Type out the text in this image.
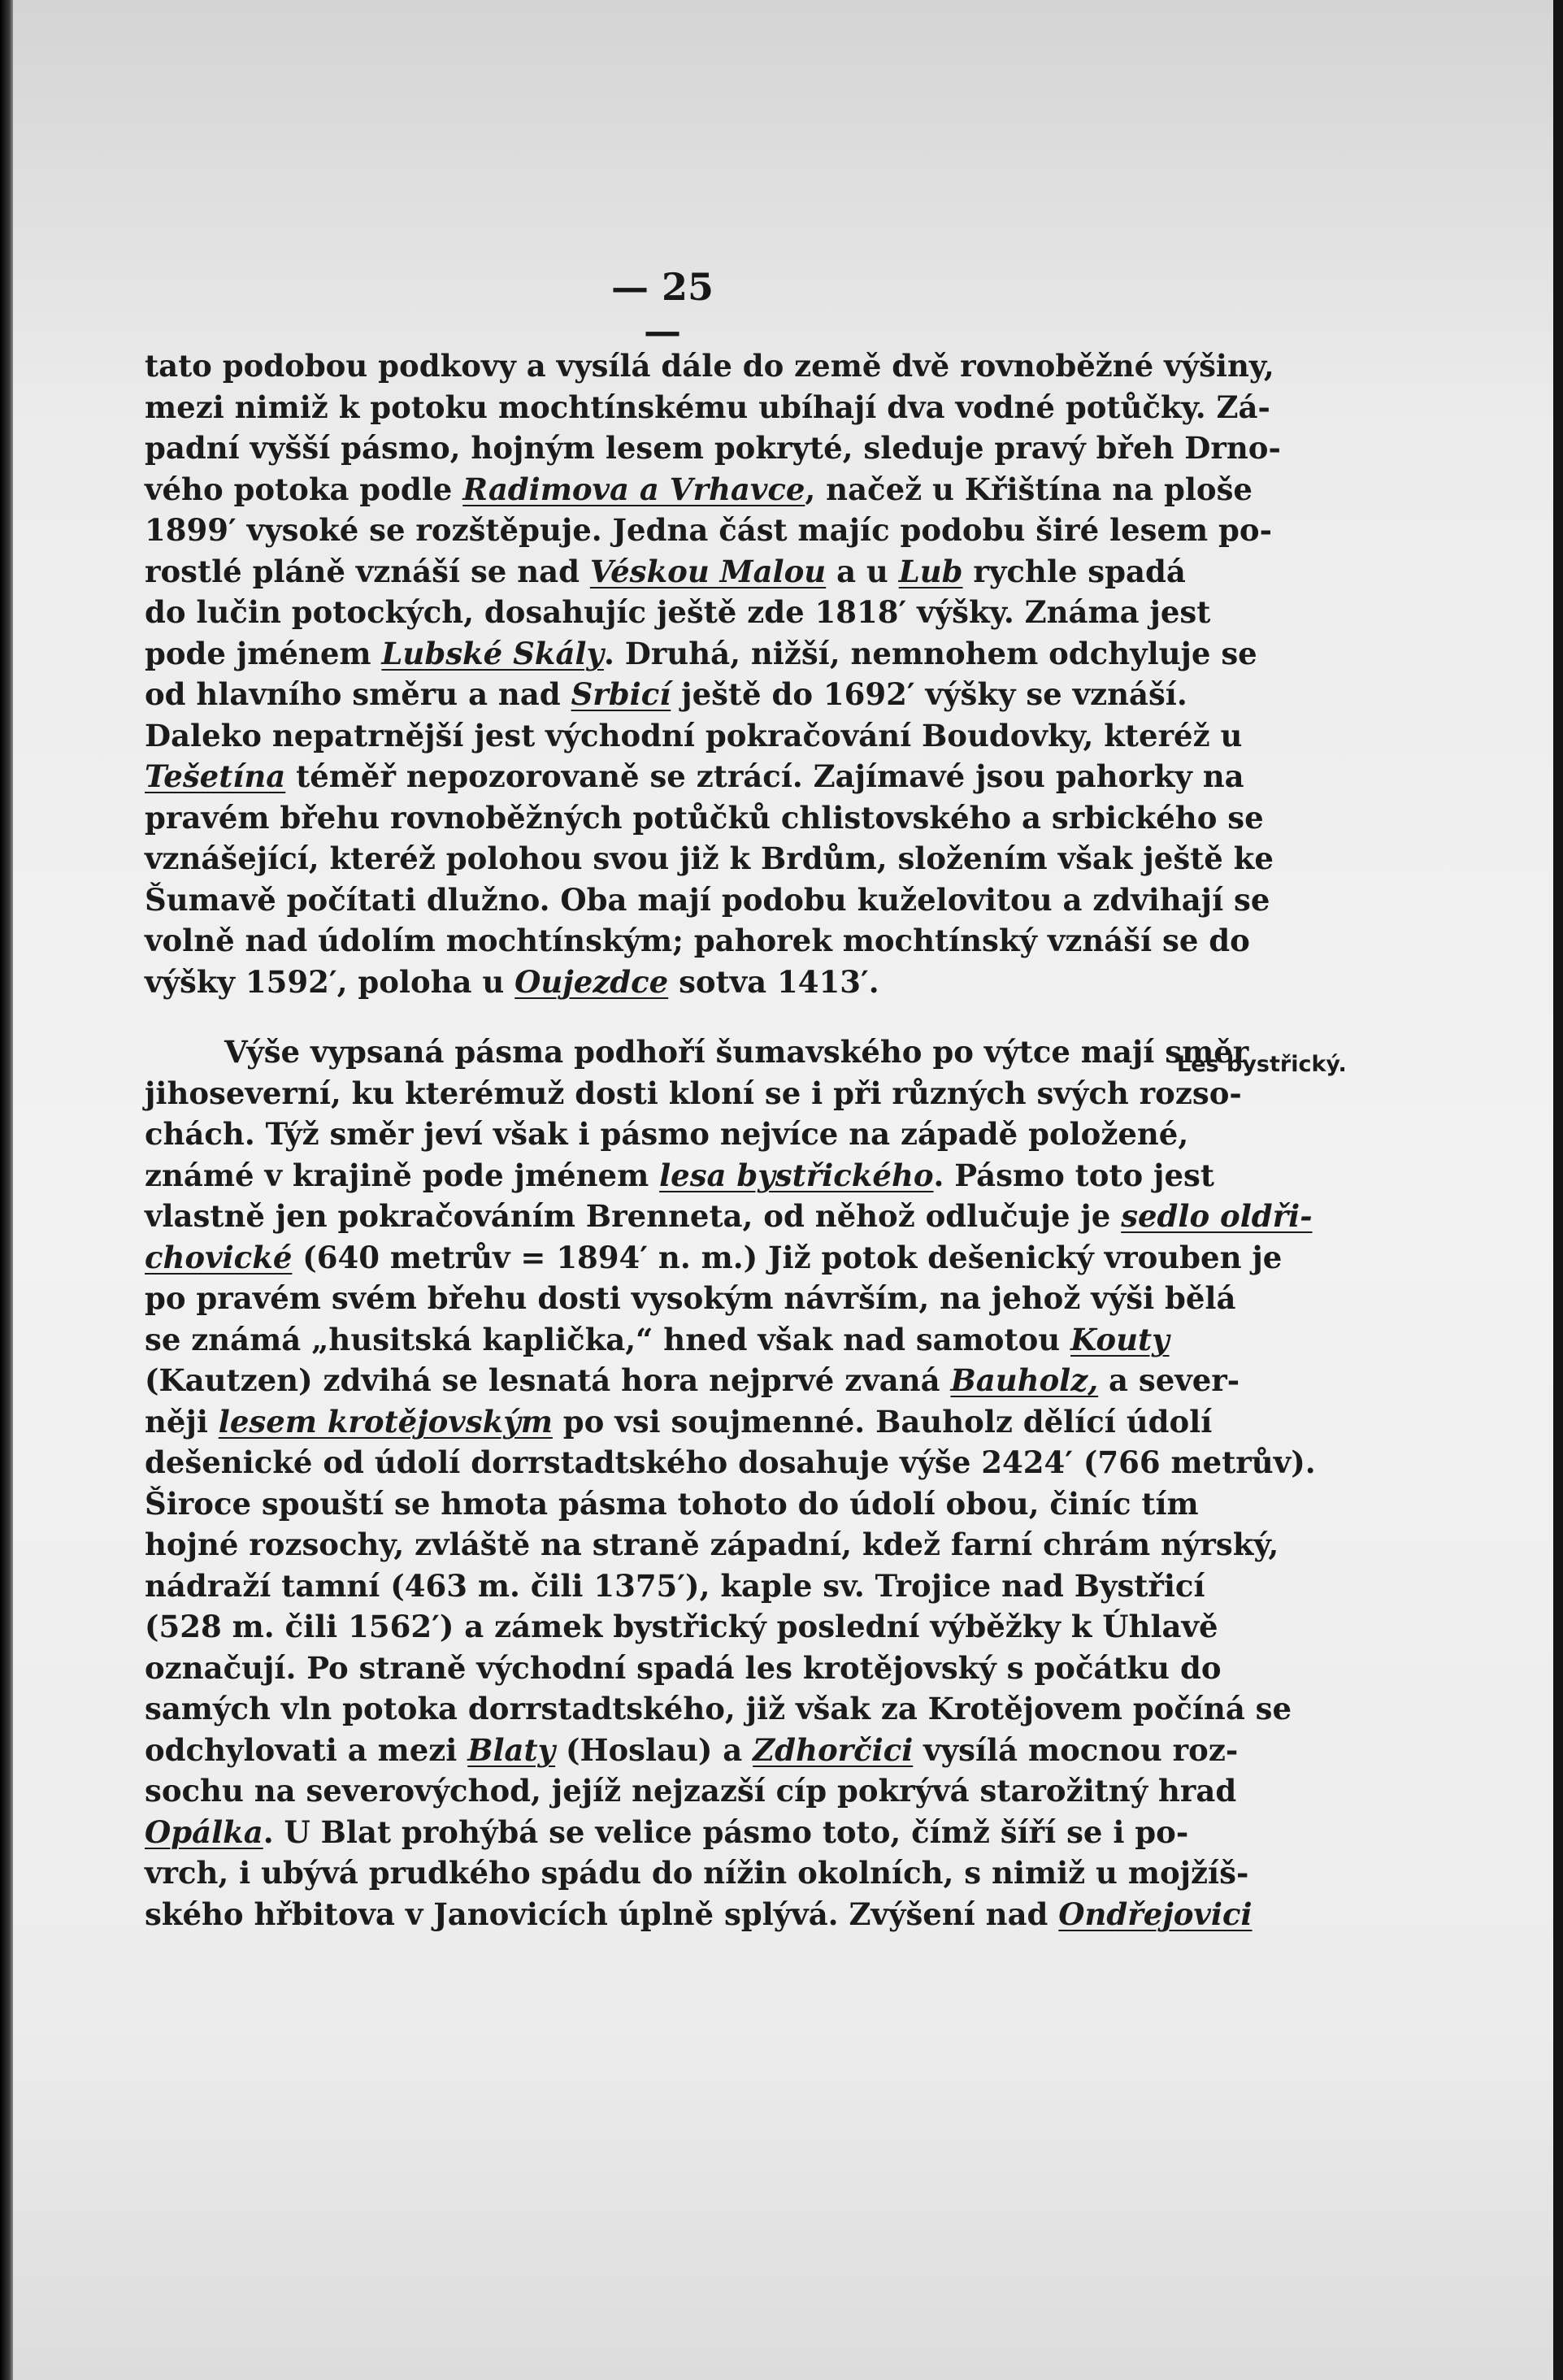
— 25 —
tato podobou podkovy a vysílá dále do země dvě rovnoběžné výšiny,
mezi nimiž k potoku mochtínskému ubíhají dva vodné potůčky. Zá-
padní vyšší pásmo, hojným lesem pokryté, sleduje pravý břeh Drno-
vého potoka podle Radimova a Vrhavce, načež u Křištína na ploše
1899′ vysoké se rozštěpuje. Jedna část majíc podobu širé lesem po-
rostlé pláně vznáší se nad Véskou Malou a u Lub rychle spadá
do lučin potockých, dosahujíc ještě zde 1818′ výšky. Známa jest
pode jménem Lubské Skály. Druhá, nižší, nemnohem odchyluje se
od hlavního směru a nad Srbicí ještě do 1692′ výšky se vznáší.
Daleko nepatrnější jest východní pokračování Boudovky, kteréž u
Tešetína téměř nepozorovaně se ztrácí. Zajímavé jsou pahorky na
pravém břehu rovnoběžných potůčků chlistovského a srbického se
vznášející, kteréž polohou svou již k Brdům, složením však ještě ke
Šumavě počítati dlužno. Oba mají podobu kuželovitou a zdvihají se
volně nad údolím mochtínským; pahorek mochtínský vznáší se do
výšky 1592′, poloha u Oujezdce sotva 1413′.
Výše vypsaná pásma podhoří šumavského po výtce mají směr
jihoseverní, ku kterémuž dosti kloní se i při různých svých rozso-
chách. Týž směr jeví však i pásmo nejvíce na západě položené,
známé v krajině pode jménem lesa bystřického. Pásmo toto jest
vlastně jen pokračováním Brenneta, od něhož odlučuje je sedlo oldři-
chovické (640 metrův = 1894′ n. m.) Již potok dešenický vrouben je
po pravém svém břehu dosti vysokým návrším, na jehož výši bělá
se známá „husitská kaplička,“ hned však nad samotou Kouty
(Kautzen) zdvihá se lesnatá hora nejprvé zvaná Bauholz, a sever-
něji lesem krotějovským po vsi soujmenné. Bauholz dělící údolí
dešenické od údolí dorrstadtského dosahuje výše 2424′ (766 metrův).
Široce spouští se hmota pásma tohoto do údolí obou, činíc tím
hojné rozsochy, zvláště na straně západní, kdež farní chrám nýrský,
nádraží tamní (463 m. čili 1375′), kaple sv. Trojice nad Bystřicí
(528 m. čili 1562′) a zámek bystřický poslední výběžky k Úhlavě
označují. Po straně východní spadá les krotějovský s počátku do
samých vln potoka dorrstadtského, již však za Krotějovem počíná se
odchylovati a mezi Blaty (Hoslau) a Zdhorčici vysílá mocnou roz-
sochu na severovýchod, jejíž nejzazší cíp pokrývá starožitný hrad
Opálka. U Blat prohýbá se velice pásmo toto, čímž šíří se i po-
vrch, i ubývá prudkého spádu do nížin okolních, s nimiž u mojžíš-
ského hřbitova v Janovicích úplně splývá. Zvýšení nad Ondřejovici
Les bystřický.
